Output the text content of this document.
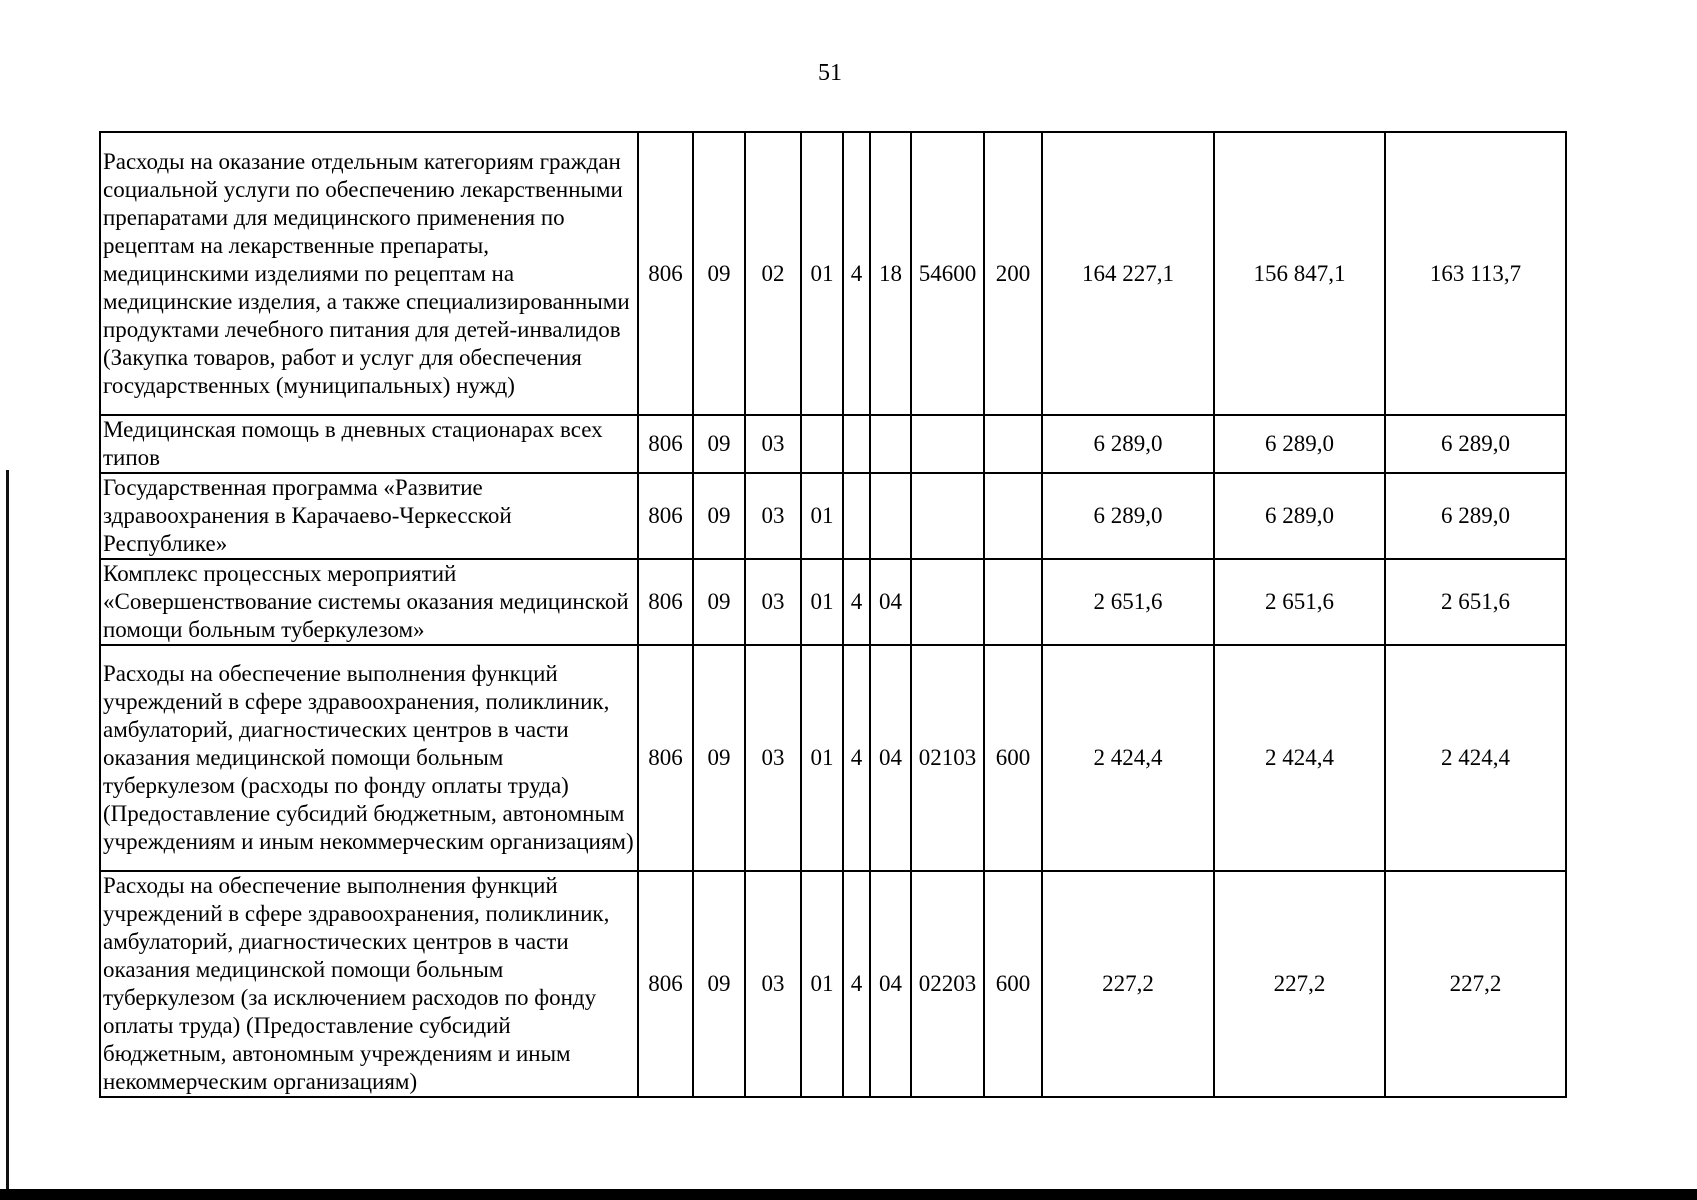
51
Расходы на оказание отдельным категориям граждан социальной услуги по обеспечению лекарственными препаратами для медицинского применения по рецептам на лекарственные препараты, медицинскими изделиями по рецептам на медицинские изделия, а также специализированными продуктами лечебного питания для детей-инвалидов (Закупка товаров, работ и услуг для обеспечения государственных (муниципальных) нужд)	806	09	02	01	4	18	54600	200	164 227,1	156 847,1	163 113,7
Медицинская помощь в дневных стационарах всех типов	806	09	03						6 289,0	6 289,0	6 289,0
Государственная программа «Развитие здравоохранения в Карачаево-Черкесской Республике»	806	09	03	01					6 289,0	6 289,0	6 289,0
Комплекс процессных мероприятий «Совершенствование системы оказания медицинской помощи больным туберкулезом»	806	09	03	01	4	04			2 651,6	2 651,6	2 651,6
Расходы на обеспечение выполнения функций учреждений в сфере здравоохранения, поликлиник, амбулаторий, диагностических центров в части оказания медицинской помощи больным туберкулезом (расходы по фонду оплаты труда) (Предоставление субсидий бюджетным, автономным учреждениям и иным некоммерческим организациям)	806	09	03	01	4	04	02103	600	2 424,4	2 424,4	2 424,4
Расходы на обеспечение выполнения функций учреждений в сфере здравоохранения, поликлиник, амбулаторий, диагностических центров в части оказания медицинской помощи больным туберкулезом (за исключением расходов по фонду оплаты труда) (Предоставление субсидий бюджетным, автономным учреждениям и иным некоммерческим организациям)	806	09	03	01	4	04	02203	600	227,2	227,2	227,2
